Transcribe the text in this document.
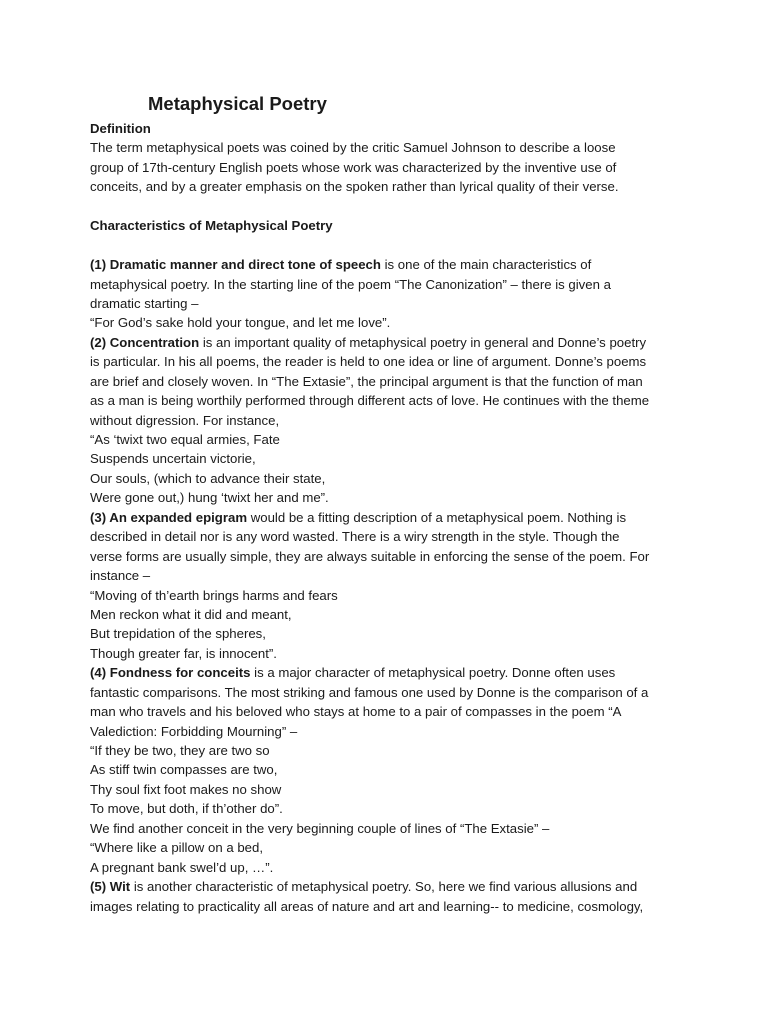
Metaphysical Poetry
Definition
The term metaphysical poets was coined by the critic Samuel Johnson to describe a loose
group of 17th-century English poets whose work was characterized by the inventive use of
conceits, and by a greater emphasis on the spoken rather than lyrical quality of their verse.
Characteristics of Metaphysical Poetry
(1) Dramatic manner and direct tone of speech is one of the main characteristics of
metaphysical poetry. In the starting line of the poem “The Canonization” – there is given a
dramatic starting –
“For God’s sake hold your tongue, and let me love”.
(2) Concentration is an important quality of metaphysical poetry in general and Donne’s poetry
is particular. In his all poems, the reader is held to one idea or line of argument. Donne’s poems
are brief and closely woven. In “The Extasie”, the principal argument is that the function of man
as a man is being worthily performed through different acts of love. He continues with the theme
without digression. For instance,
“As ‘twixt two equal armies, Fate
Suspends uncertain victorie,
Our souls, (which to advance their state,
Were gone out,) hung ‘twixt her and me”.
(3) An expanded epigram would be a fitting description of a metaphysical poem. Nothing is
described in detail nor is any word wasted. There is a wiry strength in the style. Though the
verse forms are usually simple, they are always suitable in enforcing the sense of the poem. For
instance –
“Moving of th’earth brings harms and fears
Men reckon what it did and meant,
But trepidation of the spheres,
Though greater far, is innocent”.
(4) Fondness for conceits is a major character of metaphysical poetry. Donne often uses
fantastic comparisons. The most striking and famous one used by Donne is the comparison of a
man who travels and his beloved who stays at home to a pair of compasses in the poem “A
Valediction: Forbidding Mourning” –
“If they be two, they are two so
As stiff twin compasses are two,
Thy soul fixt foot makes no show
To move, but doth, if th’other do”.
We find another conceit in the very beginning couple of lines of “The Extasie” –
“Where like a pillow on a bed,
A pregnant bank swel’d up, …”.
(5) Wit is another characteristic of metaphysical poetry. So, here we find various allusions and
images relating to practicality all areas of nature and art and learning-- to medicine, cosmology,
